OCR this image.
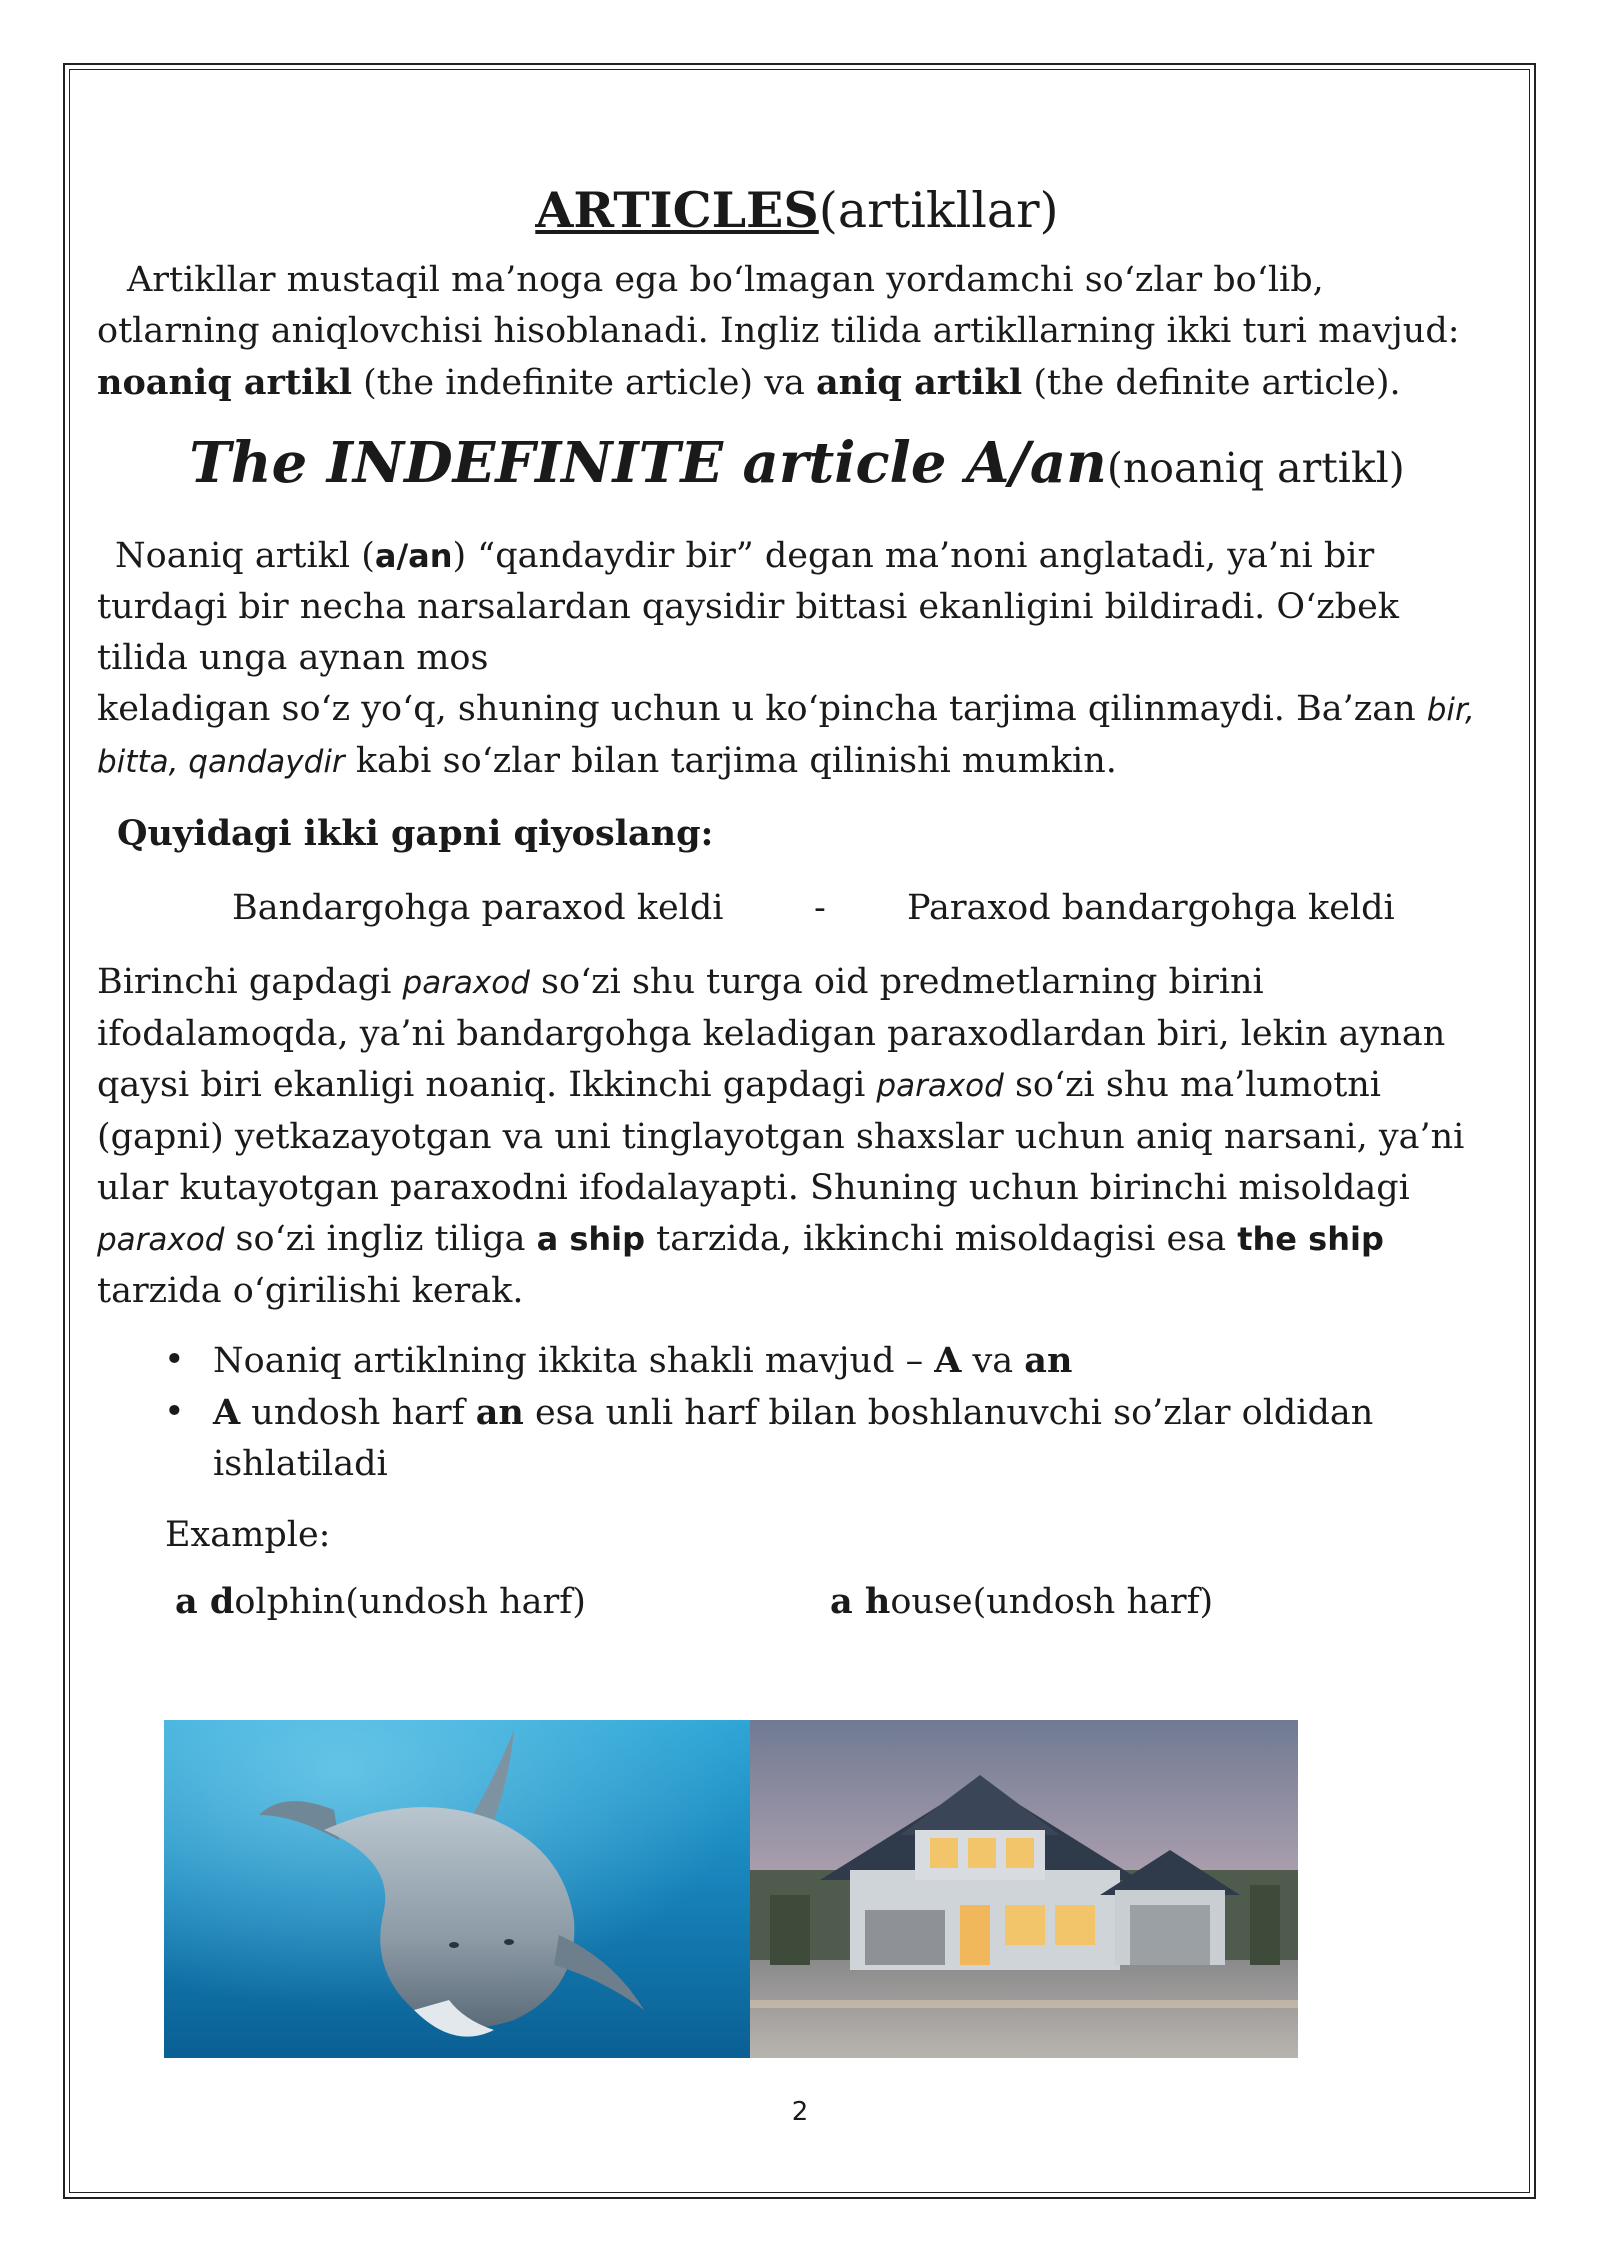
ARTICLES(artikllar)

Artikllar mustaqil ma’noga ega bo‘lmagan yordamchi so‘zlar bo‘lib,
otlarning aniqlovchisi hisoblanadi. Ingliz tilida artikllarning ikki turi mavjud:
noaniq artikl (the indefinite article) va aniq artikl (the definite article).

The INDEFINITE article A/an(noaniq artikl)

Noaniq artikl (a/an) “qandaydir bir” degan ma’noni anglatadi, ya’ni bir
turdagi bir necha narsalardan qaysidir bittasi ekanligini bildiradi. O‘zbek
tilida unga aynan mos
keladigan so‘z yo‘q, shuning uchun u ko‘pincha tarjima qilinmaydi. Ba’zan bir,
bitta, qandaydir kabi so‘zlar bilan tarjima qilinishi mumkin.

Quyidagi ikki gapni qiyoslang:

Bandargohga paraxod keldi	- Paraxod bandargohga keldi

Birinchi gapdagi paraxod so‘zi shu turga oid predmetlarning birini
ifodalamoqda, ya’ni bandargohga keladigan paraxodlardan biri, lekin aynan
qaysi biri ekanligi noaniq. Ikkinchi gapdagi paraxod so‘zi shu ma’lumotni
(gapni) yetkazayotgan va uni tinglayotgan shaxslar uchun aniq narsani, ya’ni
ular kutayotgan paraxodni ifodalayapti. Shuning uchun birinchi misoldagi
paraxod so‘zi ingliz tiliga a ship tarzida, ikkinchi misoldagisi esa the ship
tarzida o‘girilishi kerak.

• Noaniq artiklning ikkita shakli mavjud – A va an
• A undosh harf an esa unli harf bilan boshlanuvchi so’zlar oldidan
ishlatiladi

Example:

a dolphin(undosh harf)	a house(undosh harf)
2
